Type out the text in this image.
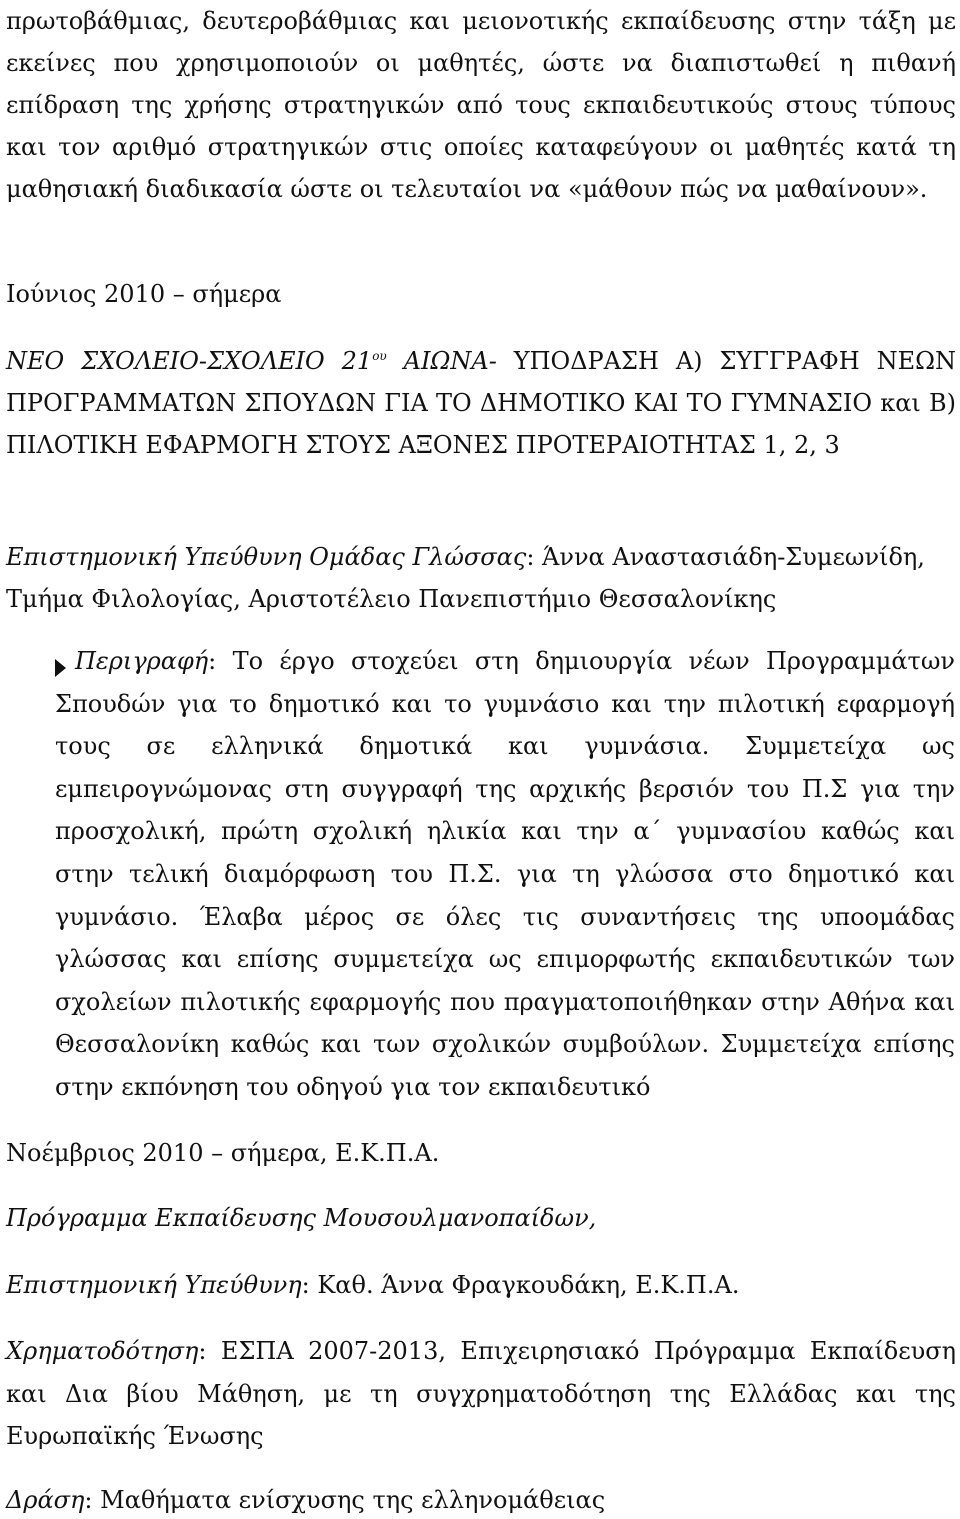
πρωτοβάθμιας, δευτεροβάθμιας και μειονοτικής εκπαίδευσης στην τάξη με εκείνες που χρησιμοποιούν οι μαθητές, ώστε να διαπιστωθεί η πιθανή επίδραση της χρήσης στρατηγικών από τους εκπαιδευτικούς στους τύπους και τον αριθμό στρατηγικών στις οποίες καταφεύγουν οι μαθητές κατά τη μαθησιακή διαδικασία ώστε οι τελευταίοι να «μάθουν πώς να μαθαίνουν».

Ιούνιος 2010 – σήμερα

ΝΕΟ ΣΧΟΛΕΙΟ-ΣΧΟΛΕΙΟ $21^{o\upsilon}$ ΑΙΩΝΑ- ΥΠΟΔΡΑΣΗ Α) ΣΥΓΓΡΑΦΗ ΝΕΩΝ ΠΡΟΓΡΑΜΜΑΤΩΝ ΣΠΟΥΔΩΝ ΓΙΑ ΤΟ ΔΗΜΟΤΙΚΟ ΚΑΙ ΤΟ ΓΥΜΝΑΣΙΟ και Β) ΠΙΛΟΤΙΚΗ ΕΦΑΡΜΟΓΗ ΣΤΟΥΣ ΑΞΟΝΕΣ ΠΡΟΤΕΡΑΙΟΤΗΤΑΣ 1, 2, 3

Επιστημονική Υπεύθυνη Ομάδας Γλώσσας: Άννα Αναστασιάδη-Συμεωνίδη, Τμήμα Φιλολογίας, Αριστοτέλειο Πανεπιστήμιο Θεσσαλονίκης

Περιγραφή: Το έργο στοχεύει στη δημιουργία νέων Προγραμμάτων Σπουδών για το δημοτικό και το γυμνάσιο και την πιλοτική εφαρμογή τους σε ελληνικά δημοτικά και γυμνάσια. Συμμετείχα ως εμπειρογνώμονας στη συγγραφή της αρχικής βερσιόν του Π.Σ για την προσχολική, πρώτη σχολική ηλικία και την α΄ γυμνασίου καθώς και στην τελική διαμόρφωση του Π.Σ. για τη γλώσσα στο δημοτικό και γυμνάσιο. Έλαβα μέρος σε όλες τις συναντήσεις της υποομάδας γλώσσας και επίσης συμμετείχα ως επιμορφωτής εκπαιδευτικών των σχολείων πιλοτικής εφαρμογής που πραγματοποιήθηκαν στην Αθήνα και Θεσσαλονίκη καθώς και των σχολικών συμβούλων. Συμμετείχα επίσης στην εκπόνηση του οδηγού για τον εκπαιδευτικό

Νοέμβριος 2010 – σήμερα, Ε.Κ.Π.Α.

Πρόγραμμα Εκπαίδευσης Μουσουλμανοπαίδων,

Επιστημονική Υπεύθυνη: Καθ. Άννα Φραγκουδάκη, Ε.Κ.Π.Α.

Χρηματοδότηση: ΕΣΠΑ 2007-2013, Επιχειρησιακό Πρόγραμμα Εκπαίδευση και Δια βίου Μάθηση, με τη συγχρηματοδότηση της Ελλάδας και της Ευρωπαϊκής Ένωσης

Δράση: Μαθήματα ενίσχυσης της ελληνομάθειας
